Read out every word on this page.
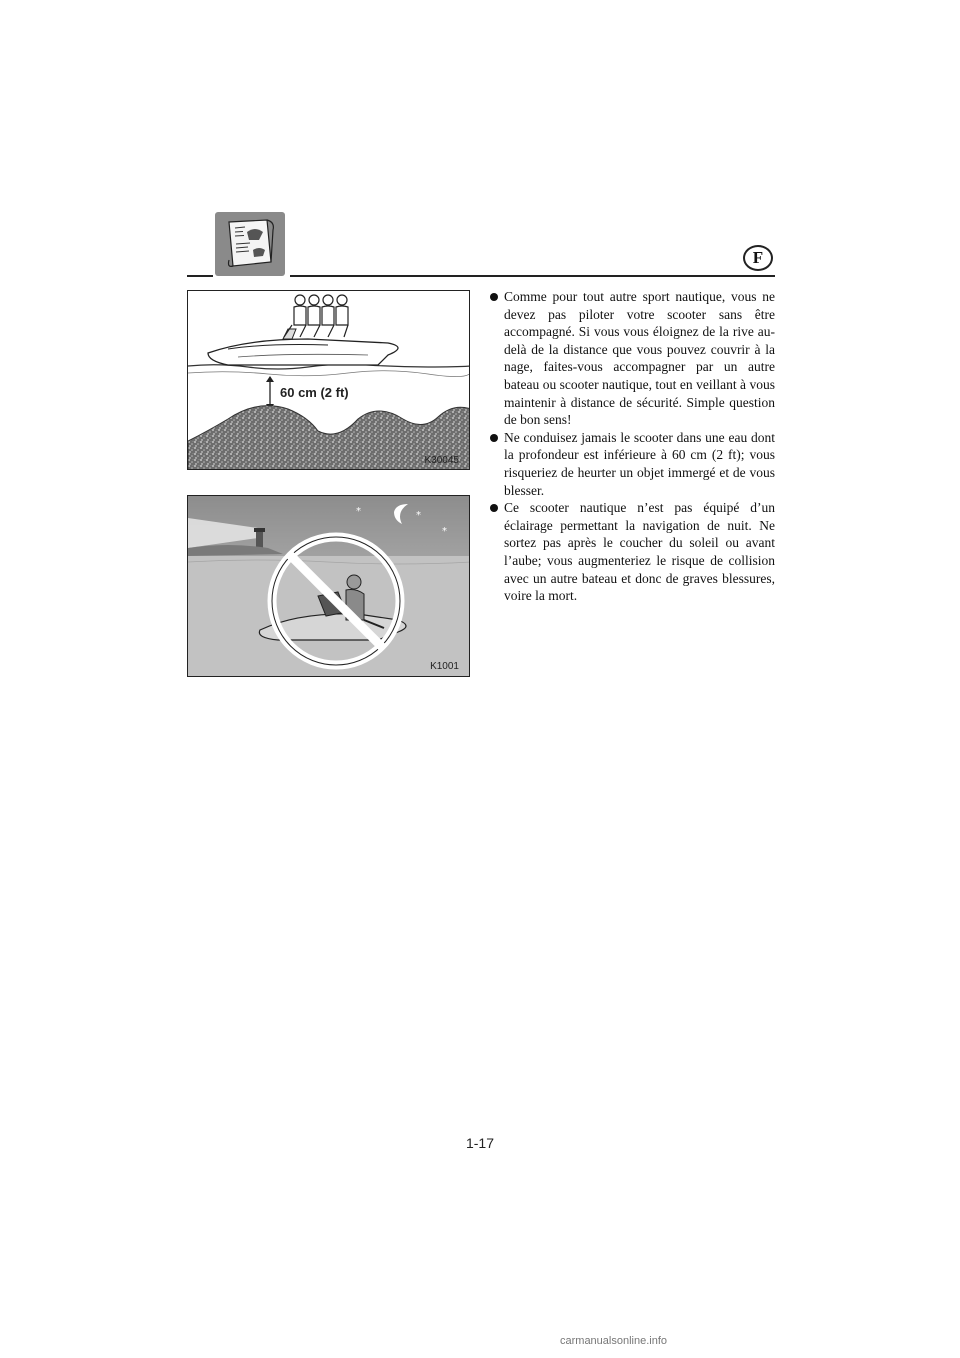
F
60 cm (2 ft)
K30045
*	*
*
K1001
Comme pour tout autre sport nautique, vous ne devez pas piloter votre scooter sans être accompagné. Si vous vous éloignez de la rive au-delà de la distance que vous pouvez couvrir à la nage, faites-vous accompagner par un autre bateau ou scooter nautique, tout en veillant à vous maintenir à distance de sécurité. Simple question de bon sens!
Ne conduisez jamais le scooter dans une eau dont la profondeur est inférieure à 60 cm (2 ft); vous risqueriez de heurter un objet immergé et de vous blesser.
Ce scooter nautique n’est pas équipé d’un éclairage permettant la navigation de nuit. Ne sortez pas après le coucher du soleil ou avant l’aube; vous augmenteriez le risque de collision avec un autre bateau et donc de graves blessures, voire la mort.
1-17
carmanualsonline.info
